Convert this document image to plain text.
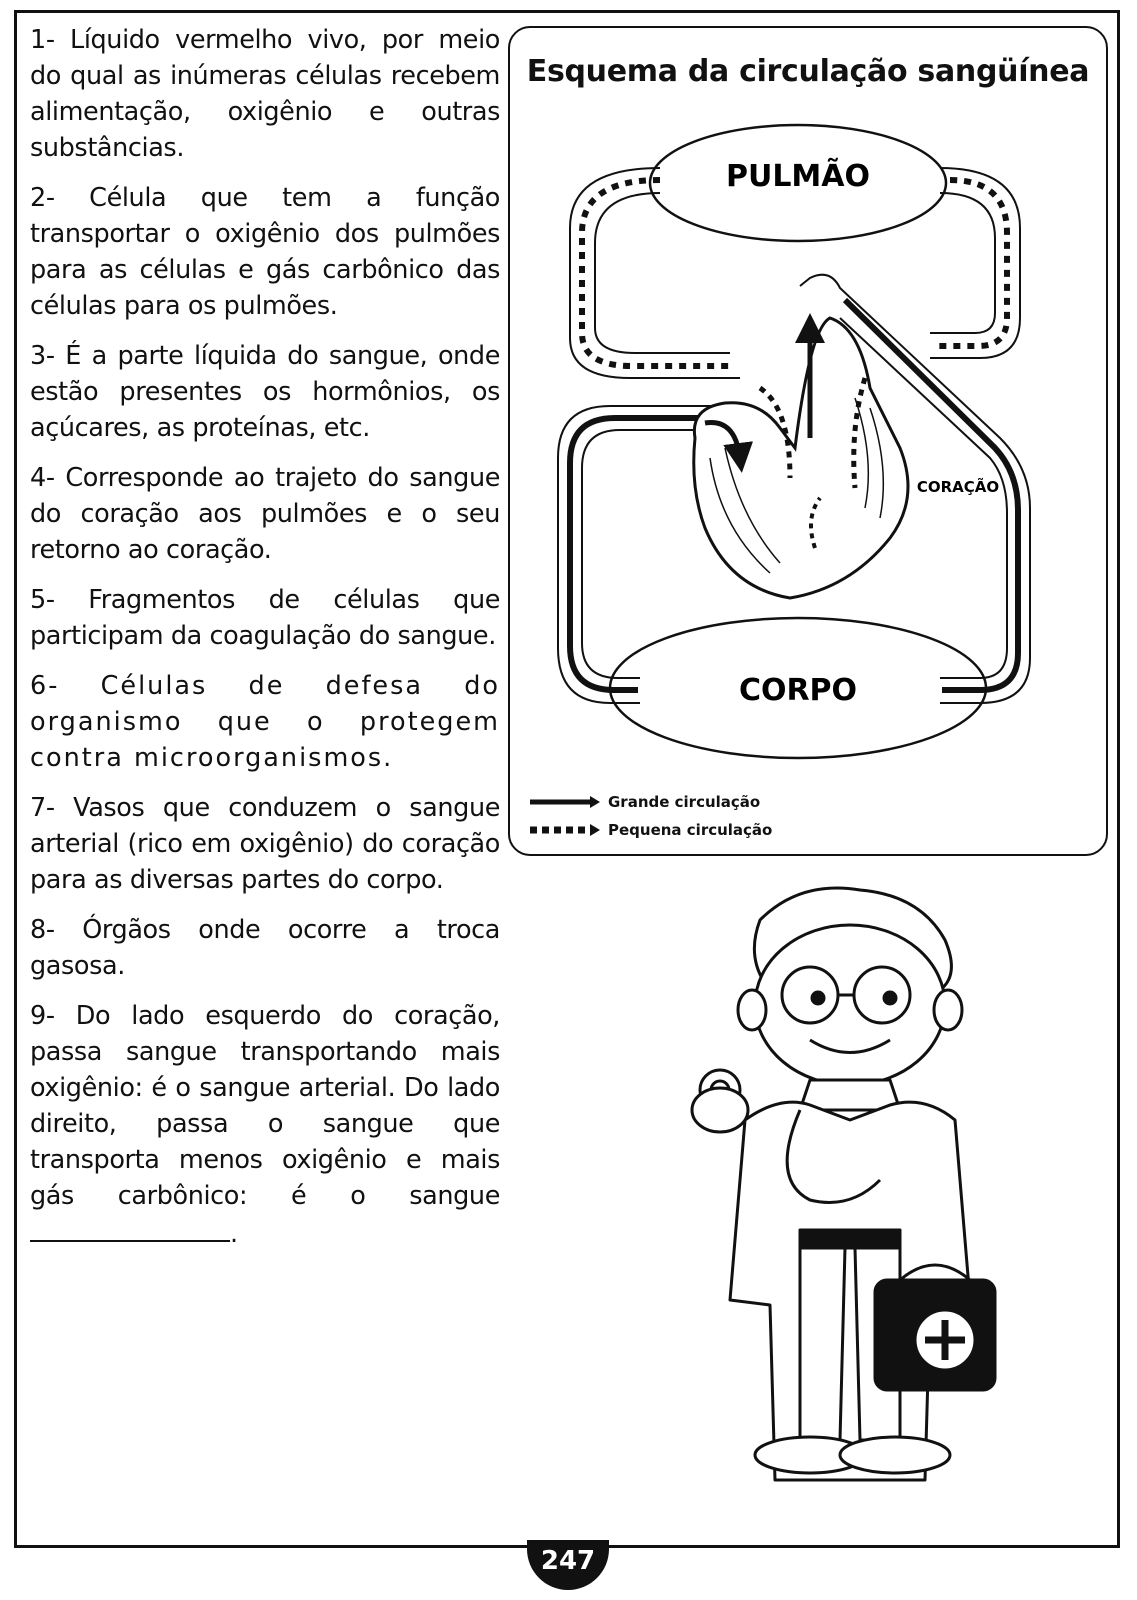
1- Líquido vermelho vivo, por meio do qual as inúmeras células recebem alimentação, oxigênio e outras substâncias.

2- Célula que tem a função transportar o oxigênio dos pulmões para as células e gás carbônico das células para os pulmões.

3- É a parte líquida do sangue, onde estão presentes os hormônios, os açúcares, as proteínas, etc.

4- Corresponde ao trajeto do sangue do coração aos pulmões e o seu retorno ao coração.

5- Fragmentos de células que participam da coagulação do sangue.

6- Células de defesa do organismo que o protegem contra microorganismos.

7- Vasos que conduzem o sangue arterial (rico em oxigênio) do coração para as diversas partes do corpo.

8- Órgãos onde ocorre a troca gasosa.

9- Do lado esquerdo do coração, passa sangue transportando mais oxigênio: é o sangue arterial. Do lado direito, passa o sangue que transporta menos oxigênio e mais gás carbônico: é o sangue .

Esquema da circulação sangüínea
PULMÃO
CORPO
CORAÇÃO
Grande circulação
Pequena circulação
247
